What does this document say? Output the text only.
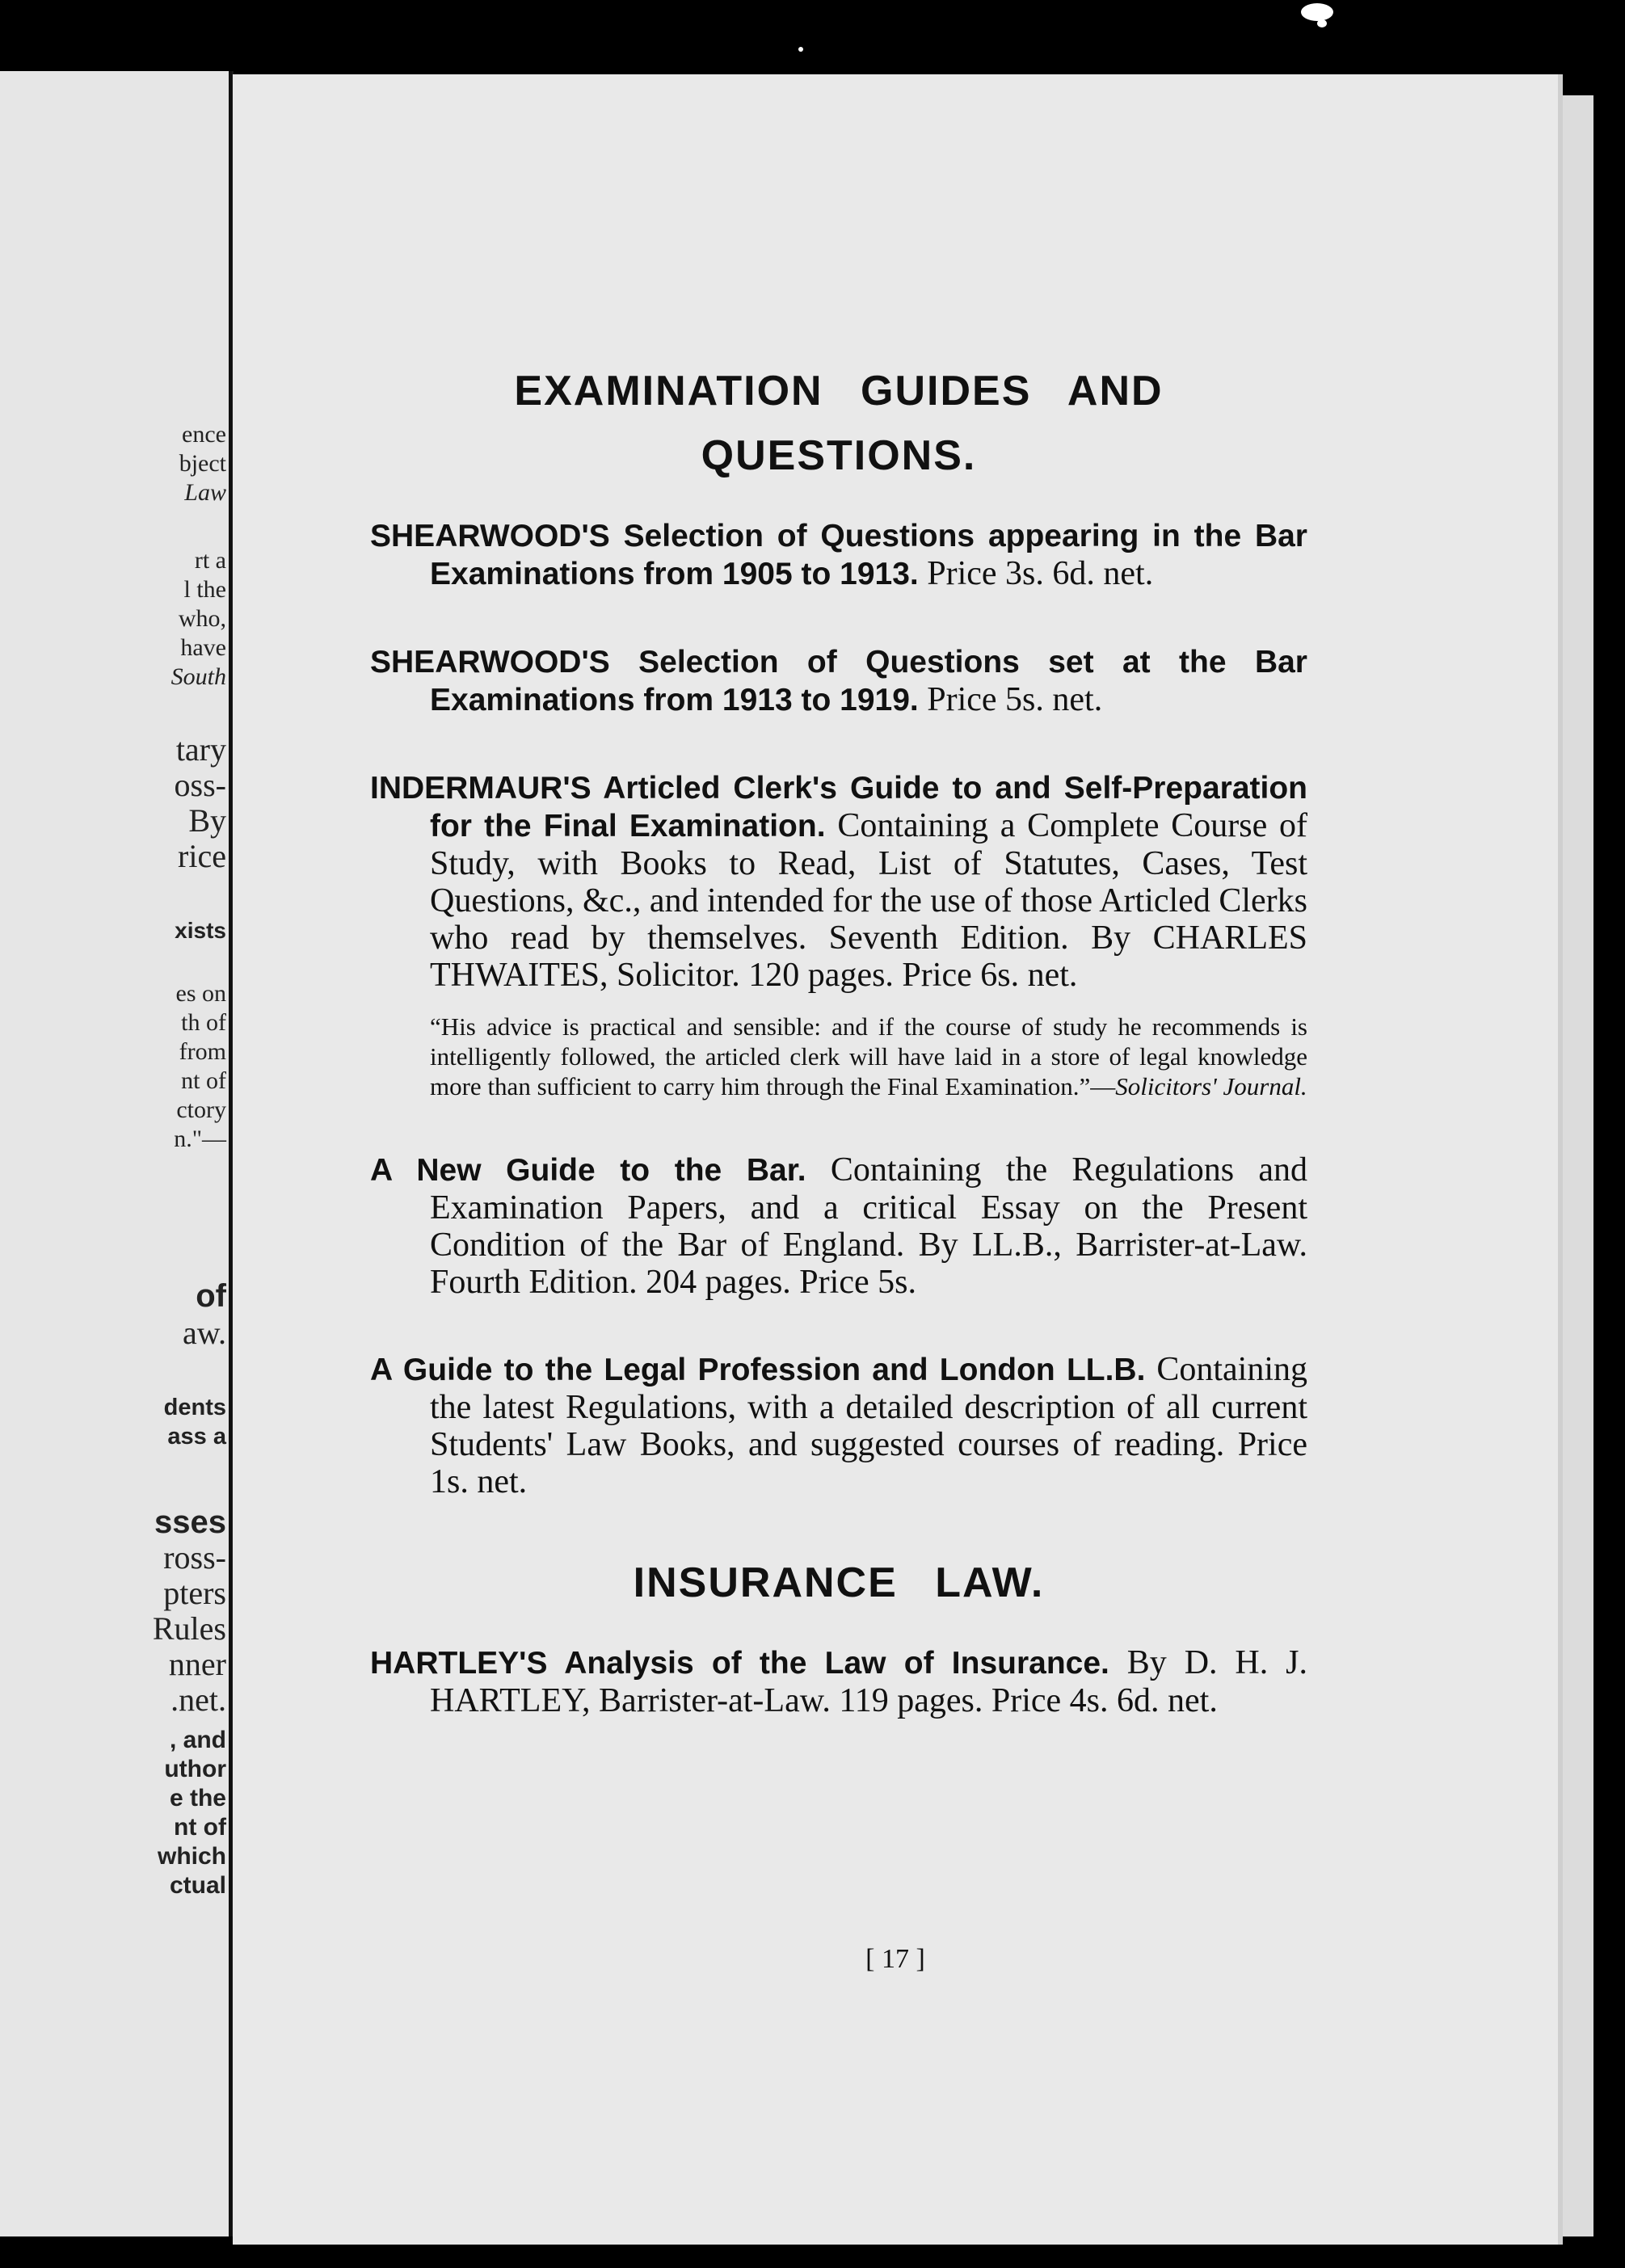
ence
bject
Law
rt a
l the
who,
have
South
tary
oss-
By
rice
xists
es on
th of
from
nt of
ctory
n."—
of
aw.
dents
ass a
sses
ross-
pters
Rules
nner
.net.
, and
uthor
e the
nt of
which
ctual
EXAMINATION GUIDES AND QUESTIONS.
SHEARWOOD'S Selection of Questions appearing in the Bar Examinations from 1905 to 1913. Price 3s. 6d. net.
SHEARWOOD'S Selection of Questions set at the Bar Examinations from 1913 to 1919. Price 5s. net.
INDERMAUR'S Articled Clerk's Guide to and Self-Preparation for the Final Examination. Containing a Complete Course of Study, with Books to Read, List of Statutes, Cases, Test Questions, &c., and intended for the use of those Articled Clerks who read by themselves. Seventh Edition. By CHARLES THWAITES, Solicitor. 120 pages. Price 6s. net.
“His advice is practical and sensible: and if the course of study he recommends is intelligently followed, the articled clerk will have laid in a store of legal knowledge more than sufficient to carry him through the Final Examination.”—Solicitors' Journal.
A New Guide to the Bar. Containing the Regulations and Examination Papers, and a critical Essay on the Present Condition of the Bar of England. By LL.B., Barrister-at-Law. Fourth Edition. 204 pages. Price 5s.
A Guide to the Legal Profession and London LL.B. Containing the latest Regulations, with a detailed description of all current Students' Law Books, and suggested courses of reading. Price 1s. net.
INSURANCE LAW.
HARTLEY'S Analysis of the Law of Insurance. By D. H. J. HARTLEY, Barrister-at-Law. 119 pages. Price 4s. 6d. net.
[ 17 ]
